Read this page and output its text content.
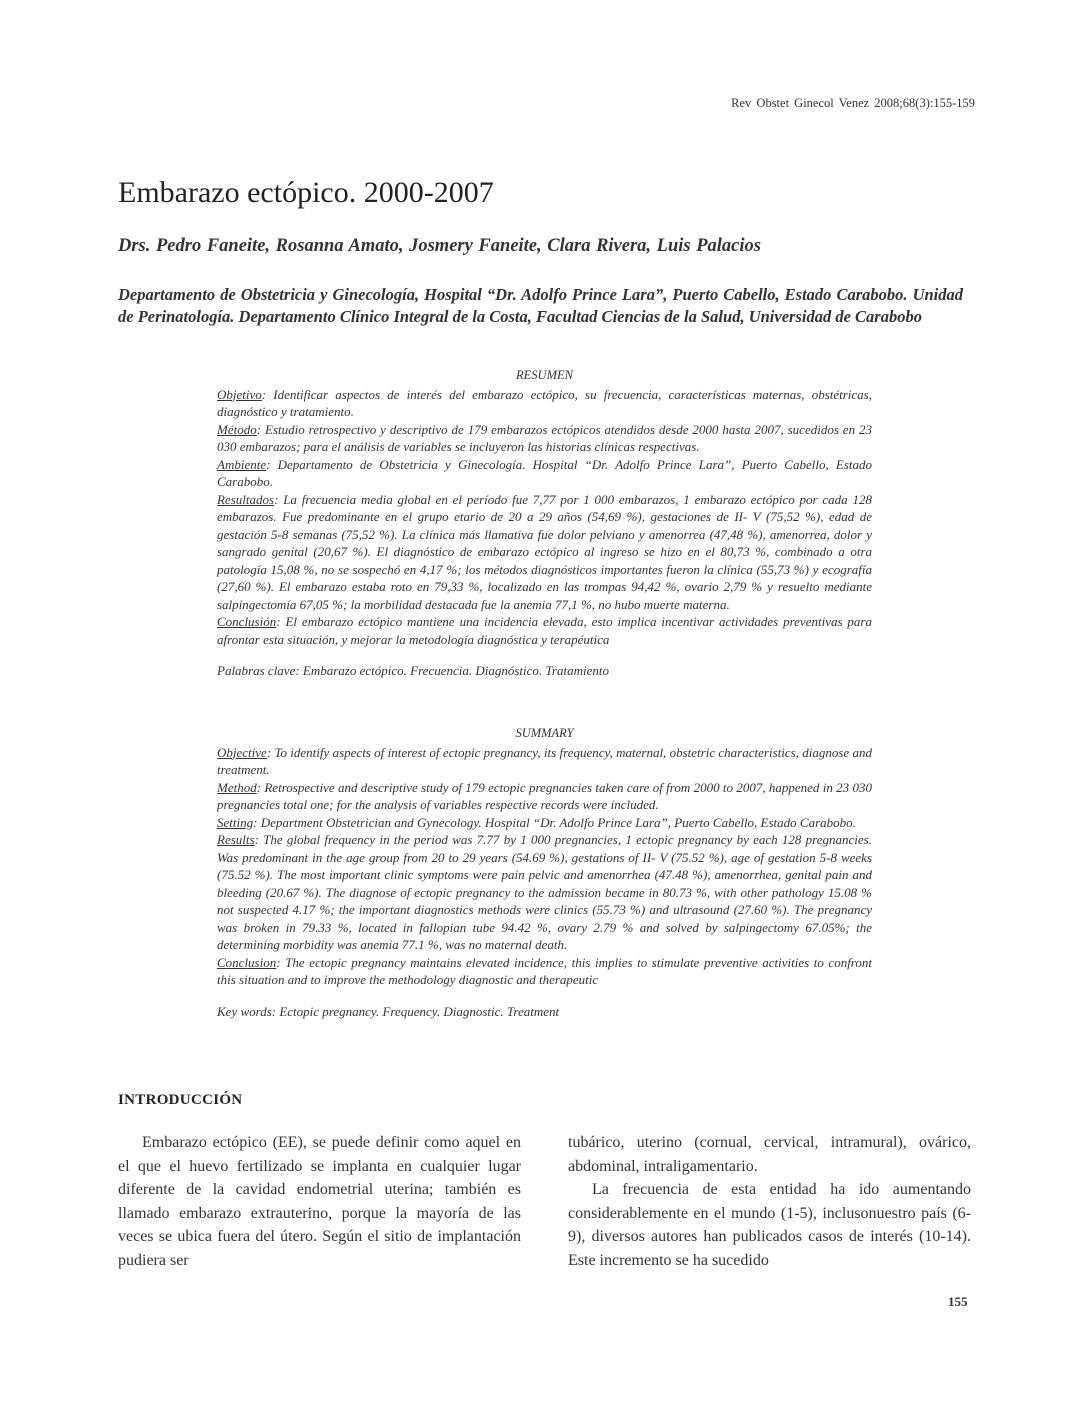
Rev Obstet Ginecol Venez 2008;68(3):155-159
Embarazo ectópico. 2000-2007

Drs. Pedro Faneite, Rosanna Amato, Josmery Faneite, Clara Rivera, Luis Palacios

Departamento de Obstetricia y Ginecología, Hospital “Dr. Adolfo Prince Lara”, Puerto Cabello, Estado Carabobo. Unidad de Perinatología. Departamento Clínico Integral de la Costa, Facultad Ciencias de la Salud, Universidad de Carabobo

RESUMEN

Objetivo: Identificar aspectos de interés del embarazo ectópico, su frecuencia, características maternas, obstétricas, diagnóstico y tratamiento.

Método: Estudio retrospectivo y descriptivo de 179 embarazos ectópicos atendidos desde 2000 hasta 2007, sucedidos en 23 030 embarazos; para el análisis de variables se incluyeron las historias clínicas respectivas.

Ambiente: Departamento de Obstetricia y Ginecología. Hospital “Dr. Adolfo Prince Lara”, Puerto Cabello, Estado Carabobo.

Resultados: La frecuencia media global en el período fue 7,77 por 1 000 embarazos, 1 embarazo ectópico por cada 128 embarazos. Fue predominante en el grupo etario de 20 a 29 años (54,69 %), gestaciones de II- V (75,52 %), edad de gestación 5-8 semanas (75,52 %). La clínica más llamativa fue dolor pelviano y amenorrea (47,48 %), amenorrea, dolor y sangrado genital (20,67 %). El diagnóstico de embarazo ectópico al ingreso se hizo en el 80,73 %, combinado a otra patología 15,08 %, no se sospechó en 4,17 %; los métodos diagnósticos importantes fueron la clínica (55,73 %) y ecografía (27,60 %). El embarazo estaba roto en 79,33 %, localizado en las trompas 94,42 %, ovario 2,79 % y resuelto mediante salpingectomía 67,05 %; la morbilidad destacada fue la anemia 77,1 %, no hubo muerte materna.

Conclusión: El embarazo ectópico mantiene una incidencia elevada, esto implica incentivar actividades preventivas para afrontar esta situación, y mejorar la metodología diagnóstica y terapéutica

Palabras clave: Embarazo ectópico. Frecuencia. Diagnóstico. Tratamiento

SUMMARY

Objective: To identify aspects of interest of ectopic pregnancy, its frequency, maternal, obstetric characteristics, diagnose and treatment.

Method: Retrospective and descriptive study of 179 ectopic pregnancies taken care of from 2000 to 2007, happened in 23 030 pregnancies total one; for the analysis of variables respective records were included.

Setting: Department Obstetrician and Gynecology. Hospital “Dr. Adolfo Prince Lara”, Puerto Cabello, Estado Carabobo.

Results: The global frequency in the period was 7.77 by 1 000 pregnancies, 1 ectopic pregnancy by each 128 pregnancies. Was predominant in the age group from 20 to 29 years (54.69 %), gestations of II- V (75.52 %), age of gestation 5-8 weeks (75.52 %). The most important clinic symptoms were pain pelvic and amenorrhea (47.48 %), amenorrhea, genital pain and bleeding (20.67 %). The diagnose of ectopic pregnancy to the admission became in 80.73 %, with other pathology 15.08 % not suspected 4.17 %; the important diagnostics methods were clinics (55.73 %) and ultrasound (27.60 %). The pregnancy was broken in 79.33 %, located in fallopian tube 94.42 %, ovary 2.79 % and solved by salpingectomy 67.05%; the determining morbidity was anemia 77.1 %, was no maternal death.

Conclusion: The ectopic pregnancy maintains elevated incidence, this implies to stimulate preventive activities to confront this situation and to improve the methodology diagnostic and therapeutic

Key words: Ectopic pregnancy. Frequency. Diagnostic. Treatment

INTRODUCCIÓN

Embarazo ectópico (EE), se puede definir como aquel en el que el huevo fertilizado se implanta en cualquier lugar diferente de la cavidad endometrial uterina; también es llamado embarazo extrauterino, porque la mayoría de las veces se ubica fuera del útero. Según el sitio de implantación pudiera ser

tubárico, uterino (cornual, cervical, intramural), ovárico, abdominal, intraligamentario.

La frecuencia de esta entidad ha ido aumentando considerablemente en el mundo (1-5), inclusonuestro país (6-9), diversos autores han publicados casos de interés (10-14). Este incremento se ha sucedido

155
